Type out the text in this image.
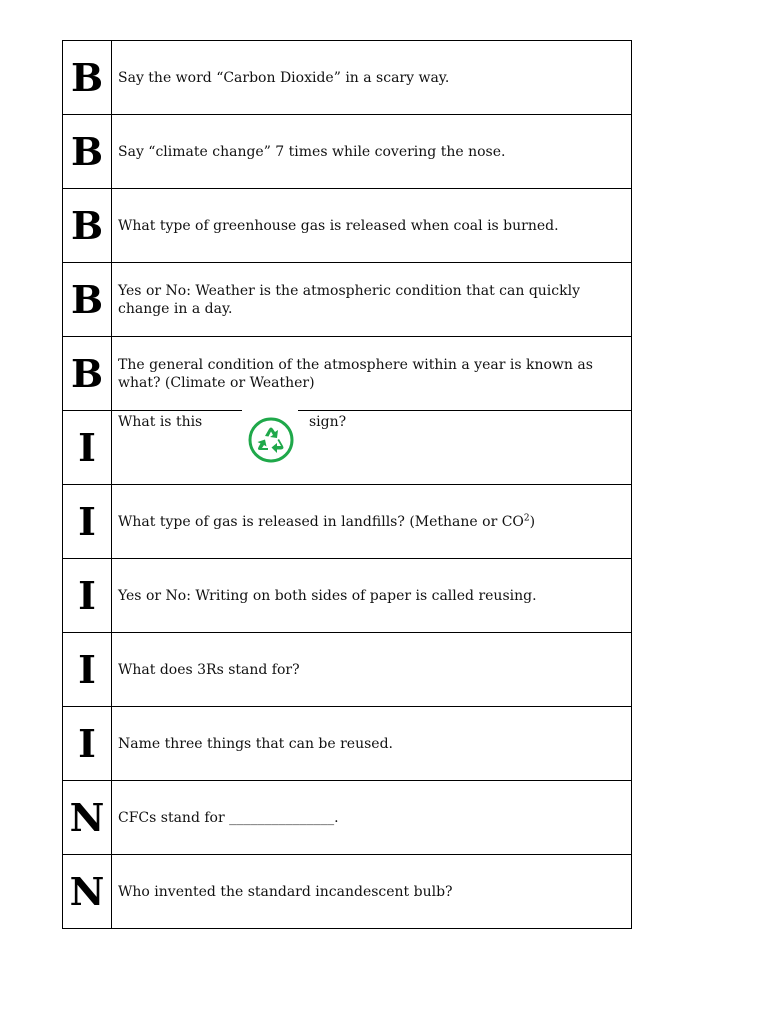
B	Say the word “Carbon Dioxide” in a scary way.

B	Say “climate change” 7 times while covering the nose.

B	What type of greenhouse gas is released when coal is burned.

B	Yes or No: Weather is the atmospheric condition that can quickly change in a day.

B	The general condition of the atmosphere within a year is known as what? (Climate or Weather)

I	What is this sign?

I	What type of gas is released in landfills? (Methane or $CO^2$)

I	Yes or No: Writing on both sides of paper is called reusing.

I	What does 3Rs stand for?

I	Name three things that can be reused.

N	CFCs stand for _______________.

N	Who invented the standard incandescent bulb?
